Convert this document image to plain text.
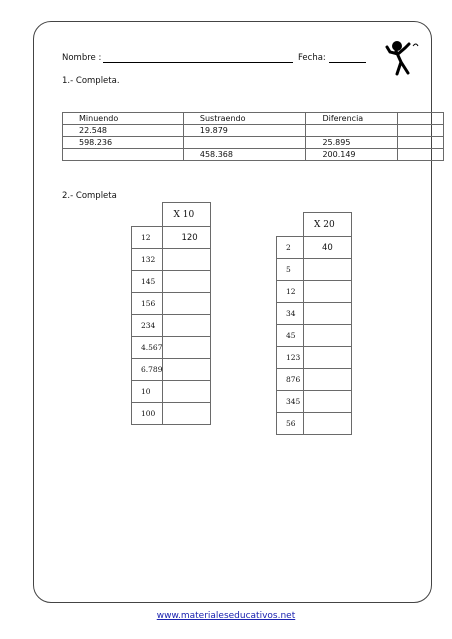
Nombre :	Fecha:
1.- Completa.
Minuendo	Sustraendo	Diferencia	
22.548	19.879		
598.236		25.895	
	458.368	200.149	
2.- Completa
	X 10
12	120
132	
145	
156	
234	
4.567	
6.789	
10	
100	
	X 20
2	40
5	
12	
34	
45	
123	
876	
345	
56	
www.materialeseducativos.net
